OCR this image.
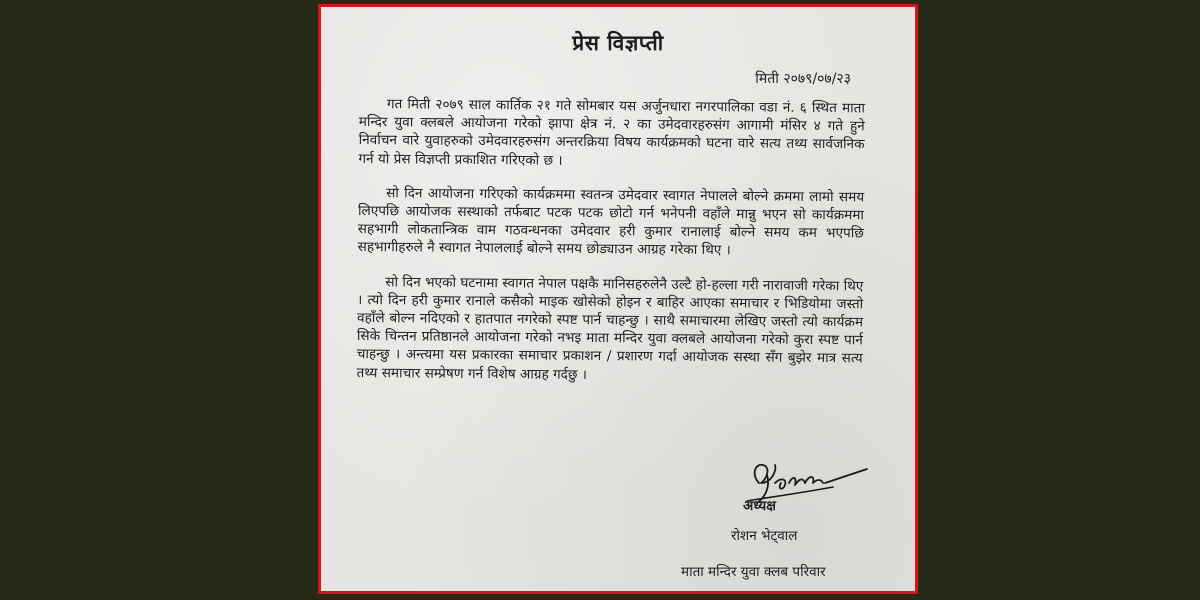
प्रेस विज्ञप्ती
मिती २०७९/०७/२३

गत मिती २०७९ साल कार्तिक २१ गते सोमबार यस अर्जुनधारा नगरपालिका वडा नं. ६ स्थित माता मन्दिर युवा क्लबले आयोजना गरेको झापा क्षेत्र नं. २ का उमेदवारहरुसंग आगामी मंसिर ४ गते हुने निर्वाचन वारे युवाहरुको उमेदवारहरुसंग अन्तरक्रिया विषय कार्यक्रमको घटना वारे सत्य तथ्य सार्वजनिक गर्न यो प्रेस विज्ञप्ती प्रकाशित गरिएको छ ।

सो दिन आयोजना गरिएको कार्यक्रममा स्वतन्त्र उमेदवार स्वागत नेपालले बोल्ने क्रममा लामो समय लिएपछि आयोजक सस्थाको तर्फबाट पटक पटक छोटो गर्न भनेपनी वहाँले मान्नु भएन सो कार्यक्रममा सहभागी लोकतान्त्रिक वाम गठवन्धनका उमेदवार हरी कुमार रानालाई बोल्ने समय कम भएपछि सहभागीहरुले नै स्वागत नेपाललाई बोल्ने समय छोड्याउन आग्रह गरेका थिए ।

सो दिन भएको घटनामा स्वागत नेपाल पक्षकै मानिसहरुलेनै उल्टै हो-हल्ला गरी नारावाजी गरेका थिए । त्यो दिन हरी कुमार रानाले कसैको माइक खोसेको होइन र बाहिर आएका समाचार र भिडियोमा जस्तो वहाँले बोल्न नदिएको र हातपात नगरेको स्पष्ट पार्न चाहन्छु । साथै समाचारमा लेखिए जस्तो त्यो कार्यक्रम सिके चिन्तन प्रतिष्ठानले आयोजना गरेको नभइ माता मन्दिर युवा क्लबले आयोजना गरेको कुरा स्पष्ट पार्न चाहन्छु । अन्त्यमा यस प्रकारका समाचार प्रकाशन / प्रशारण गर्दा आयोजक सस्था सँग बुझेर मात्र सत्य तथ्य समाचार सम्प्रेषण गर्न विशेष आग्रह गर्दछु ।

अध्यक्ष
रोशन भेट्वाल
माता मन्दिर युवा क्लब परिवार
